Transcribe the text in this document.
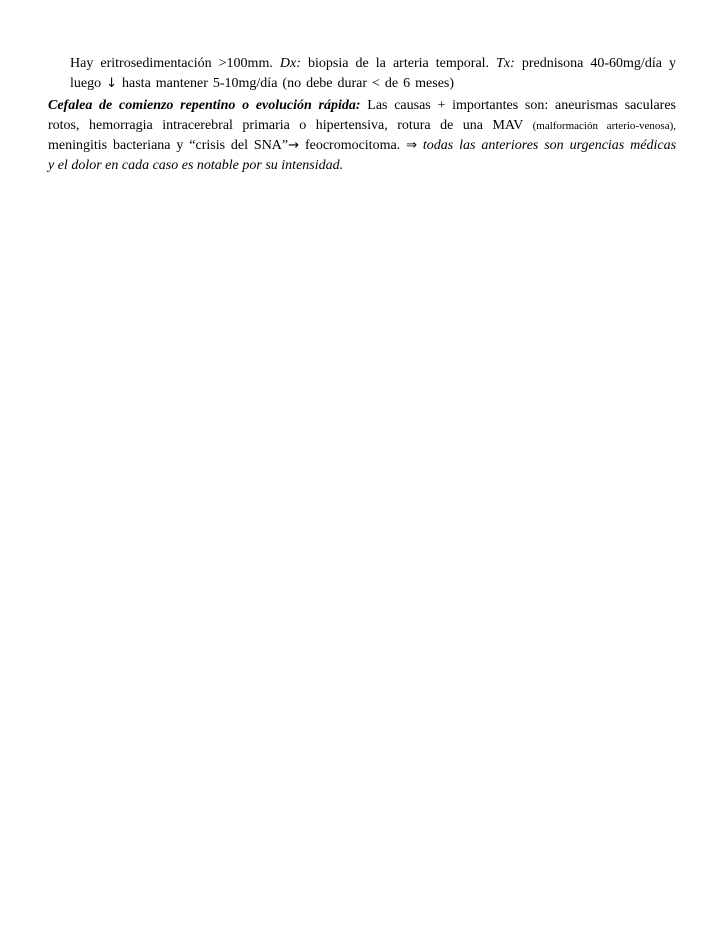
Hay eritrosedimentación >100mm. Dx: biopsia de la arteria temporal. Tx: prednisona 40-60mg/día y
luego ↓ hasta mantener 5-10mg/día (no debe durar < de 6 meses)
Cefalea de comienzo repentino o evolución rápida: Las causas + importantes son: aneurismas saculares
rotos, hemorragia intracerebral primaria o hipertensiva, rotura de una MAV (malformación arterio-venosa),
meningitis bacteriana y “crisis del SNA”→ feocromocitoma. ⇒ todas las anteriores son urgencias médicas
y el dolor en cada caso es notable por su intensidad.
